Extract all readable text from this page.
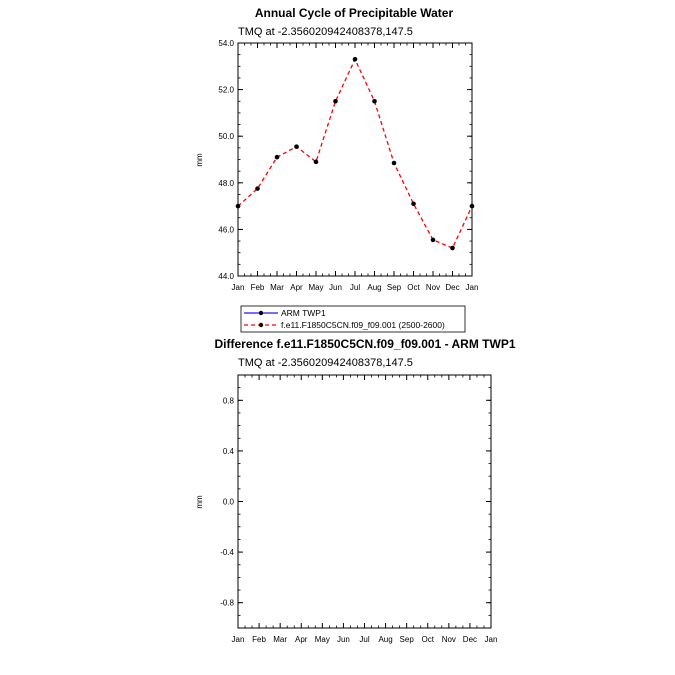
Annual Cycle of Precipitable Water
TMQ at -2.356020942408378,147.5
mm
Jan Feb Mar Apr May Jun Jul Aug Sep Oct Nov Dec Jan
44.0
46.0
48.0
50.0
52.0
54.0
ARM TWP1
f.e11.F1850C5CN.f09_f09.001 (2500-2600)
Difference f.e11.F1850C5CN.f09_f09.001 - ARM TWP1
TMQ at -2.356020942408378,147.5
mm
Jan Feb Mar Apr May Jun Jul Aug Sep Oct Nov Dec Jan
-0.8
-0.4
0.0
0.4
0.8
